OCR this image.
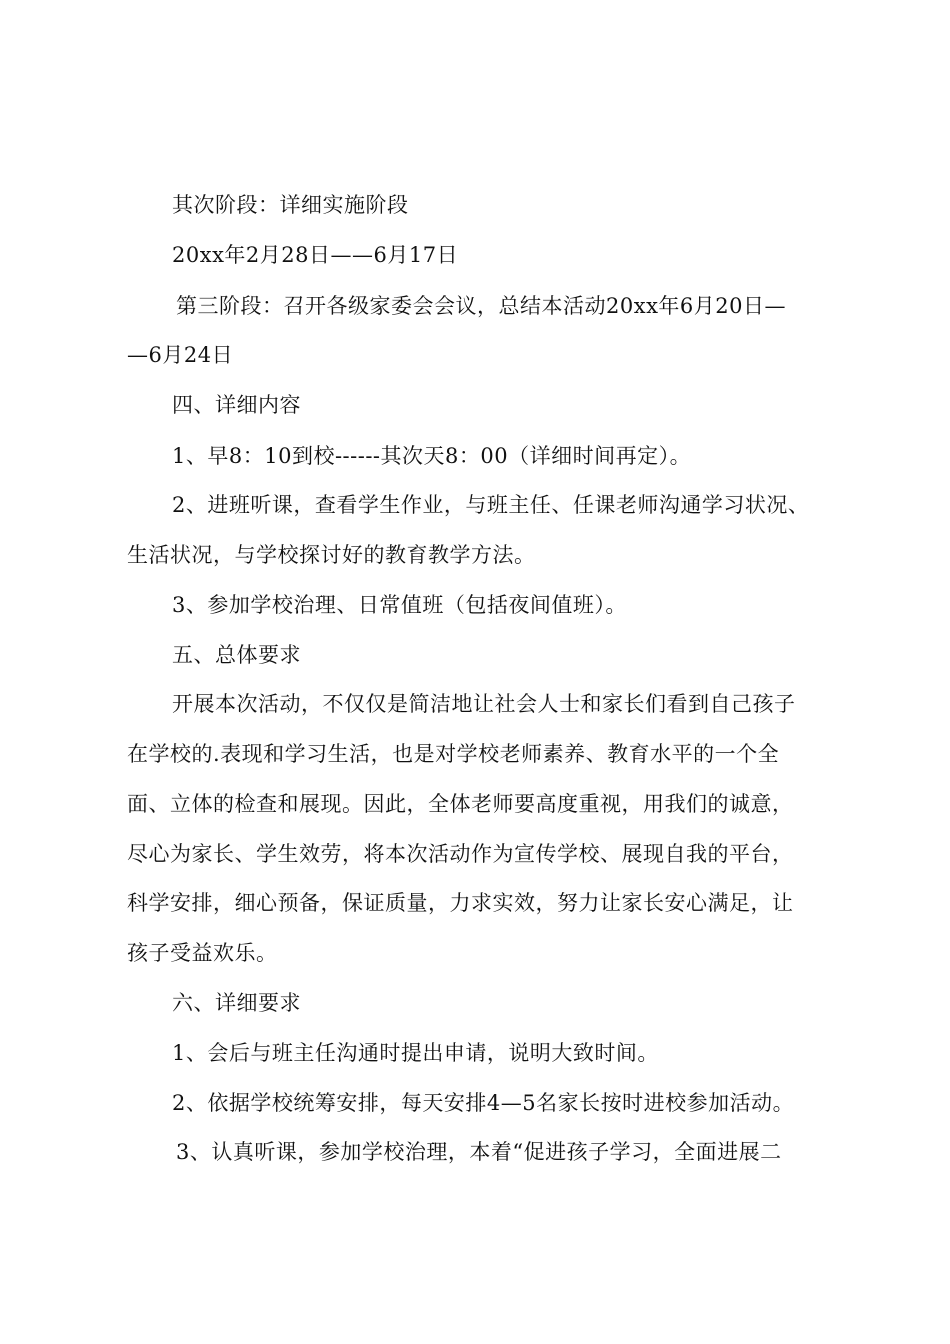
其次阶段：详细实施阶段
20xx年2月28日——6月17日
第三阶段：召开各级家委会会议，总结本活动20xx年6月20日—
—6月24日
四、详细内容
1、早8：10到校------其次天8：00（详细时间再定）。
2、进班听课，查看学生作业，与班主任、任课老师沟通学习状况、
生活状况，与学校探讨好的教育教学方法。
3、参加学校治理、日常值班（包括夜间值班）。
五、总体要求
开展本次活动，不仅仅是简洁地让社会人士和家长们看到自己孩子
在学校的.表现和学习生活，也是对学校老师素养、教育水平的一个全
面、立体的检查和展现。因此，全体老师要高度重视，用我们的诚意，
尽心为家长、学生效劳，将本次活动作为宣传学校、展现自我的平台，
科学安排，细心预备，保证质量，力求实效，努力让家长安心满足，让
孩子受益欢乐。
六、详细要求
1、会后与班主任沟通时提出申请，说明大致时间。
2、依据学校统筹安排，每天安排4—5名家长按时进校参加活动。
3、认真听课，参加学校治理，本着“促进孩子学习，全面进展二
